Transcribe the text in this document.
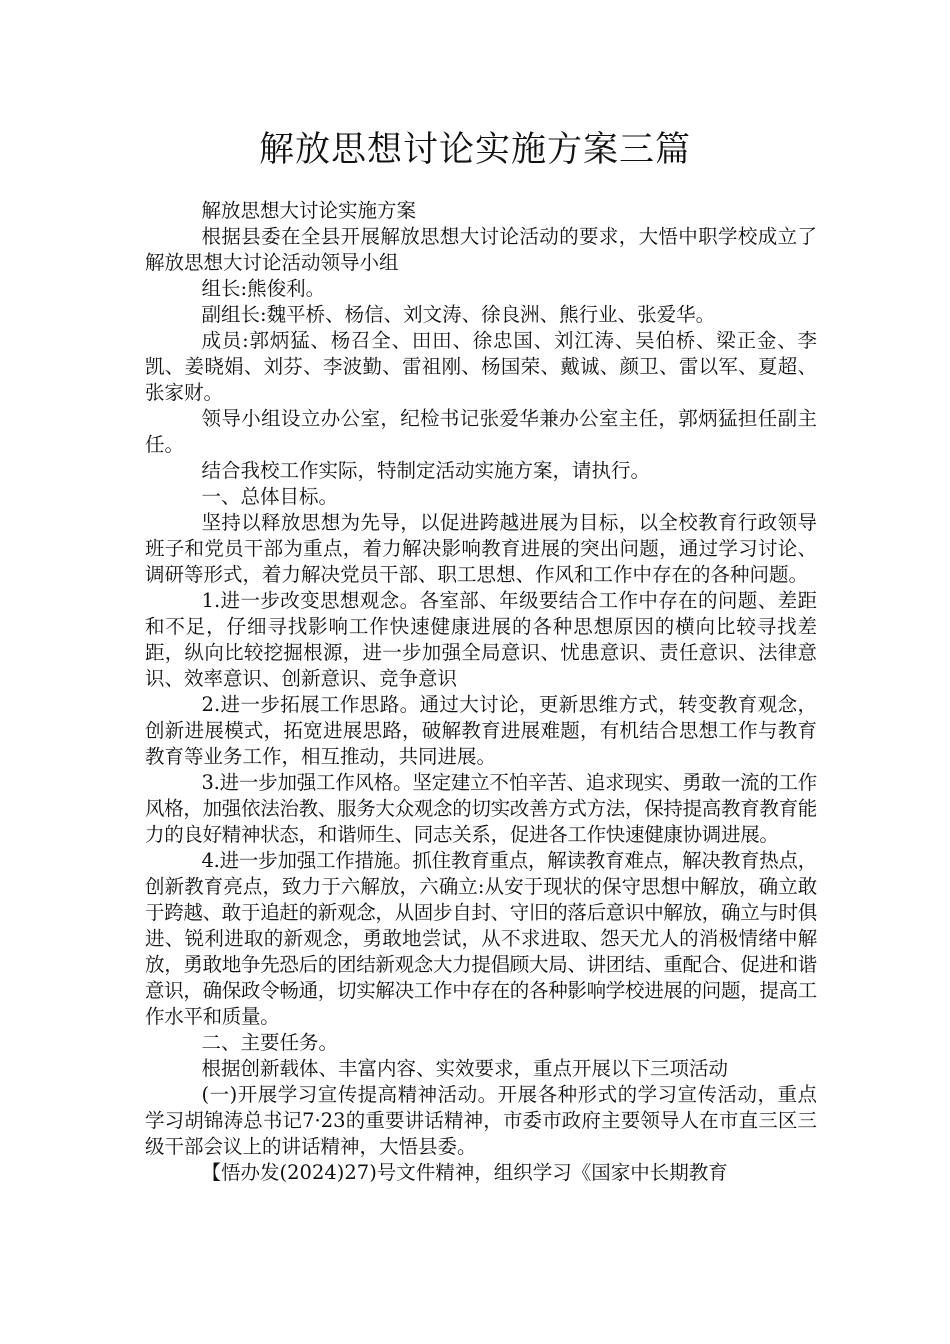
解放思想讨论实施方案三篇

解放思想大讨论实施方案

根据县委在全县开展解放思想大讨论活动的要求，大悟中职学校成立了解放思想大讨论活动领导小组

组长:熊俊利。

副组长:魏平桥、杨信、刘文涛、徐良洲、熊行业、张爱华。

成员:郭炳猛、杨召全、田田、徐忠国、刘江涛、吴伯桥、梁正金、李凯、姜晓娟、刘芬、李波勤、雷祖刚、杨国荣、戴诚、颜卫、雷以军、夏超、张家财。

领导小组设立办公室，纪检书记张爱华兼办公室主任，郭炳猛担任副主任。

结合我校工作实际，特制定活动实施方案，请执行。

一、总体目标。

坚持以释放思想为先导，以促进跨越进展为目标，以全校教育行政领导班子和党员干部为重点，着力解决影响教育进展的突出问题，通过学习讨论、调研等形式，着力解决党员干部、职工思想、作风和工作中存在的各种问题。

1.进一步改变思想观念。各室部、年级要结合工作中存在的问题、差距和不足，仔细寻找影响工作快速健康进展的各种思想原因的横向比较寻找差距，纵向比较挖掘根源，进一步加强全局意识、忧患意识、责任意识、法律意识、效率意识、创新意识、竞争意识

2.进一步拓展工作思路。通过大讨论，更新思维方式，转变教育观念，创新进展模式，拓宽进展思路，破解教育进展难题，有机结合思想工作与教育教育等业务工作，相互推动，共同进展。

3.进一步加强工作风格。坚定建立不怕辛苦、追求现实、勇敢一流的工作风格，加强依法治教、服务大众观念的切实改善方式方法，保持提高教育教育能力的良好精神状态，和谐师生、同志关系，促进各工作快速健康协调进展。

4.进一步加强工作措施。抓住教育重点，解读教育难点，解决教育热点，创新教育亮点，致力于六解放，六确立:从安于现状的保守思想中解放，确立敢于跨越、敢于追赶的新观念，从固步自封、守旧的落后意识中解放，确立与时俱进、锐利进取的新观念，勇敢地尝试，从不求进取、怨天尤人的消极情绪中解放，勇敢地争先恐后的团结新观念大力提倡顾大局、讲团结、重配合、促进和谐意识，确保政令畅通，切实解决工作中存在的各种影响学校进展的问题，提高工作水平和质量。

二、主要任务。

根据创新载体、丰富内容、实效要求，重点开展以下三项活动

(一)开展学习宣传提高精神活动。开展各种形式的学习宣传活动，重点学习胡锦涛总书记7·23的重要讲话精神，市委市政府主要领导人在市直三区三级干部会议上的讲话精神，大悟县委。

【悟办发(2024)27)号文件精神，组织学习《国家中长期教育
